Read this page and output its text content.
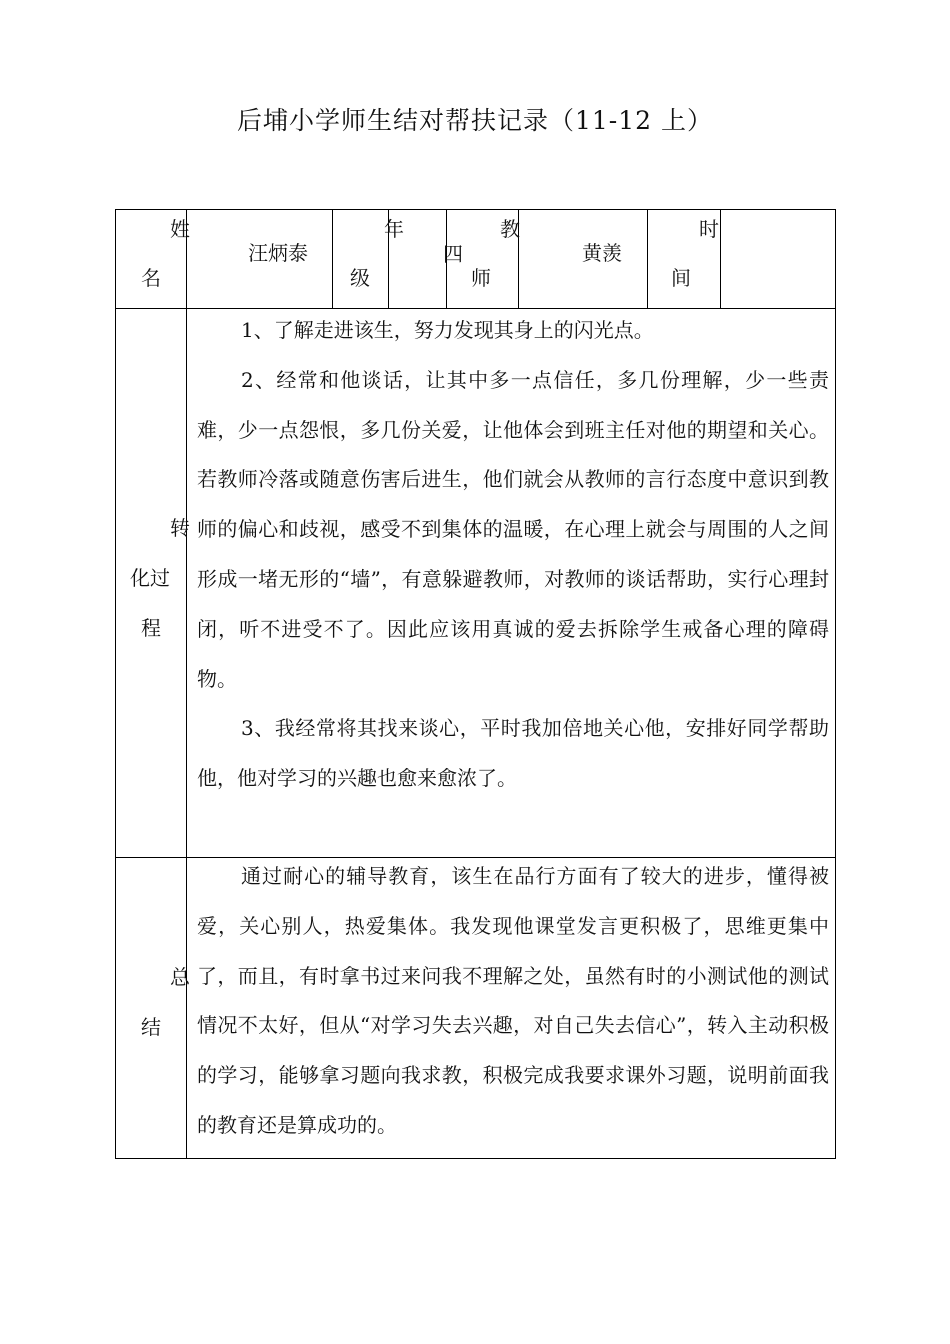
后埔小学师生结对帮扶记录（11-12 上）
姓
名
汪炳泰
年
级
四
教
师
黄羡
时
间
转
化过
程

1、了解走进该生，努力发现其身上的闪光点。

2、经常和他谈话，让其中多一点信任，多几份理解，少一些责难，少一点怨恨，多几份关爱，让他体会到班主任对他的期望和关心。若教师冷落或随意伤害后进生，他们就会从教师的言行态度中意识到教师的偏心和歧视，感受不到集体的温暖，在心理上就会与周围的人之间形成一堵无形的“墙”，有意躲避教师，对教师的谈话帮助，实行心理封闭，听不进受不了。因此应该用真诚的爱去拆除学生戒备心理的障碍物。

3、我经常将其找来谈心，平时我加倍地关心他，安排好同学帮助他，他对学习的兴趣也愈来愈浓了。

总
结

通过耐心的辅导教育，该生在品行方面有了较大的进步，懂得被爱，关心别人，热爱集体。我发现他课堂发言更积极了，思维更集中了，而且，有时拿书过来问我不理解之处，虽然有时的小测试他的测试情况不太好，但从“对学习失去兴趣，对自己失去信心”，转入主动积极的学习，能够拿习题向我求教，积极完成我要求课外习题，说明前面我的教育还是算成功的。
